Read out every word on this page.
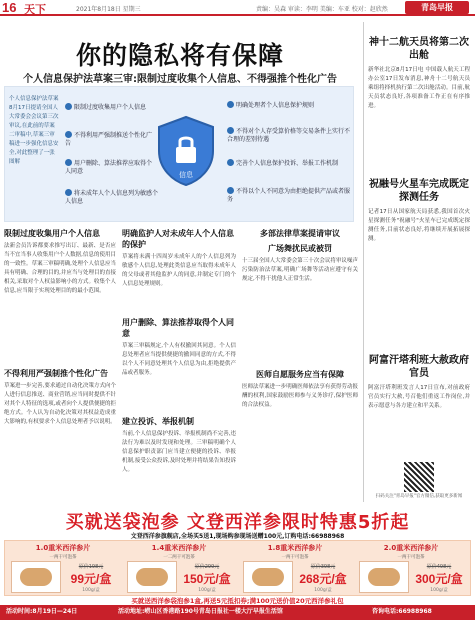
16 天下	2021年8月18日 星期三	责编：吴森 审读：李明 美编：车亚 校对：赵欣然	青岛早报
你的隐私将有保障
个人信息保护法草案三审:限制过度收集个人信息、不得强推个性化广告
个人信息保护法草案8月17日提请全国人大常委会会议第三次审议,在此前的草案二审稿中,草案三审稿进一步强化信息安全,对此整理了一张图解
限制过度收集用户个人信息
不得利用严强制推送个性化广告
用户删除、算法推荐应取得个人同意
将未成年人个人信息列为敏感个人信息
信息
明确处理者个人信息保护规则
不得对个人存受算价格等交易条件上实行不合理的差别待遇
完善个人信息保护投诉、举报工作机制
不得以个人不同意为由拒绝提供产品或者服务
限制过度收集用户个人信息
法新会员告诉都要求推写出订、最新、是否应当不宜当事人收集用户个人数据,信息的使用目的一致性。草案三审稿明确,处理个人信息应当具有明确、合理的目的,并应当与处理目的直接相关,采取对个人权益影响小的方式。收集个人信息,应当限于实现处理目的的最小范围。
不得利用严强制推个性化广告
草案进一步完善,要求通过自动化决策方式向个人进行信息推送、商业营销,应当同时提供不针对其个人特征的选项,或者向个人提供便捷的拒绝方式。个人认为自动化决策对其权益造成重大影响的,有权要求个人信息处理者予以说明。
明确监护人对未成年人个人信息的保护
草案将未满十四周岁未成年人的个人信息列为敏感个人信息,处理此类信息应当取得未成年人的父母或者其他监护人的同意,并制定专门的个人信息处理规则。
用户删除、算法推荐取得个人同意
草案三审稿规定,个人有权撤回其同意。个人信息处理者应当提供便捷的撤回同意的方式,不得以个人不同意处理其个人信息为由,拒绝提供产品或者服务。
建立投诉、举报机制
当前,个人信息保护投诉、举报机制尚不完善,违法行为难以及时发现和处理。三审稿明确个人信息保护职责部门应当建立便捷的投诉、举报机制,接受公众投诉,及时处理并将结果告知投诉人。
多部法律草案提请审议
广场舞扰民或被罚
十三届全国人大常委会第三十次会议将审议噪声污染防治法草案,明确广场舞等活动应遵守有关规定,不得干扰他人正常生活。
医师自愿服务应当有保障
医师法草案进一步明确医师依法享有获得劳动报酬的权利,国家鼓励医师参与义务诊疗,保护医师的合法权益。
神十二航天员将第二次出舱
新华社北京8月17日电 中国载人航天工程办公室17日发布消息,神舟十二号航天员乘组将择机执行第二次出舱活动。目前,航天员状态良好,各项准备工作正在有序推进。
祝融号火星车完成既定探测任务
记者17日从国家航天局获悉,我国首次火星探测任务"祝融号"火星车已完成既定探测任务,目前状态良好,将继续开展拓展探测。
阿富汗塔利班大赦政府官员
阿富汗塔利班发言人17日宣布,对前政府官员实行大赦,号召他们重返工作岗位,并表示愿意与各方建立和平关系。
扫码关注"青岛早报"官方微信,获取更多新闻
买就送袋泡参 文登西洋参限时特惠5折起
文登西洋参旗舰店,全场买5送1,现场购参现场送赠100元,订购电话:66988968
1.0重米西洋参片
一两干可泡茶
原价198元
99元/盒
100g/盒
1.4重米西洋参片
一二两干可泡茶
原价299元
150元/盒
100g/盒
1.8重米西洋参片
一两干可泡茶
原价398元
268元/盒
100g/盒
2.0重米西洋参片
一两干可泡茶
原价498元
300元/盒
100g/盒
买就送西洋参袋泡参1盒,再送5元抵扣券;满100元送价值20元西洋参礼包
活动时间:8月19日—24日	活动地址:崂山区香港路190号青岛日报社一楼大厅早报生活馆	咨询电话:66988968
